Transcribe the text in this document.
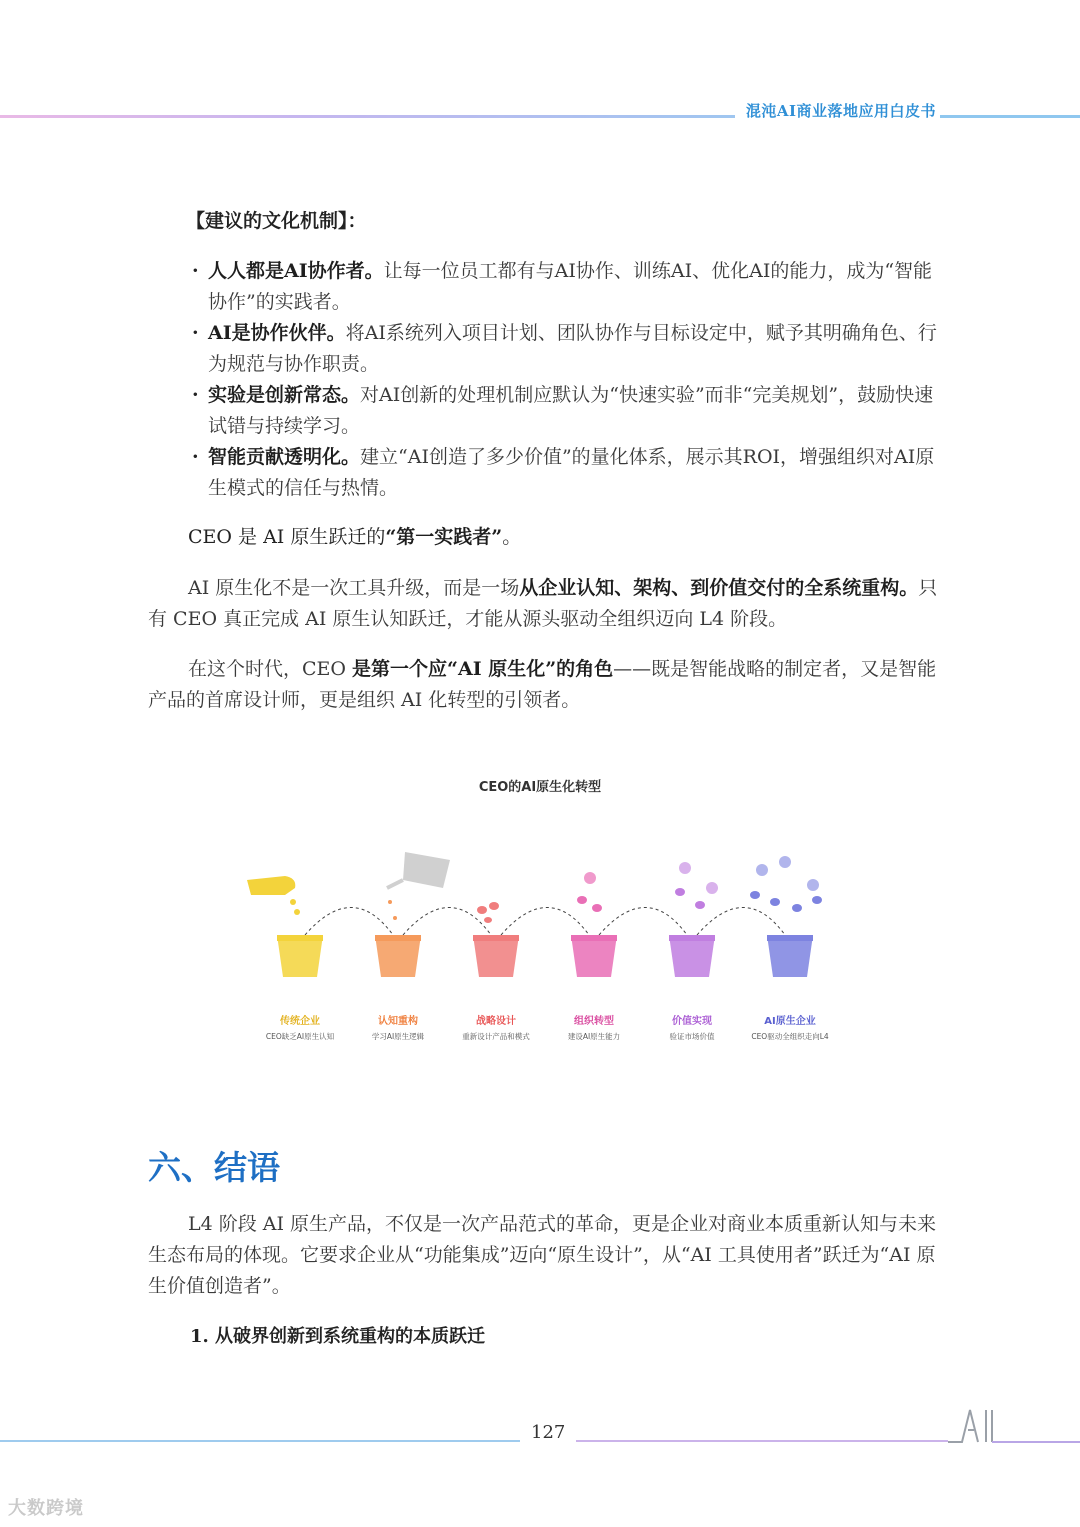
混沌AI商业落地应用白皮书
【建议的文化机制】：
· 人人都是AI协作者。让每一位员工都有与AI协作、训练AI、优化AI的能力，成为“智能协作”的实践者。
· AI是协作伙伴。将AI系统列入项目计划、团队协作与目标设定中，赋予其明确角色、行为规范与协作职责。
· 实验是创新常态。对AI创新的处理机制应默认为“快速实验”而非“完美规划”，鼓励快速试错与持续学习。
· 智能贡献透明化。建立“AI创造了多少价值”的量化体系，展示其ROI，增强组织对AI原生模式的信任与热情。
CEO 是 AI 原生跃迁的“第一实践者”。
AI 原生化不是一次工具升级，而是一场从企业认知、架构、到价值交付的全系统重构。只有 CEO 真正完成 AI 原生认知跃迁，才能从源头驱动全组织迈向 L4 阶段。
在这个时代，CEO 是第一个应“AI 原生化”的角色——既是智能战略的制定者，又是智能产品的首席设计师，更是组织 AI 化转型的引领者。
CEO的AI原生化转型
传统企业
CEO缺乏AI原生认知
认知重构
学习AI原生逻辑
战略设计
重新设计产品和模式
组织转型
建设AI原生能力
价值实现
验证市场价值
AI原生企业
CEO驱动全组织走向L4
六、结语
L4 阶段 AI 原生产品，不仅是一次产品范式的革命，更是企业对商业本质重新认知与未来生态布局的体现。它要求企业从“功能集成”迈向“原生设计”，从“AI 工具使用者”跃迁为“AI 原生价值创造者”。
1. 从破界创新到系统重构的本质跃迁
127
大数跨境
